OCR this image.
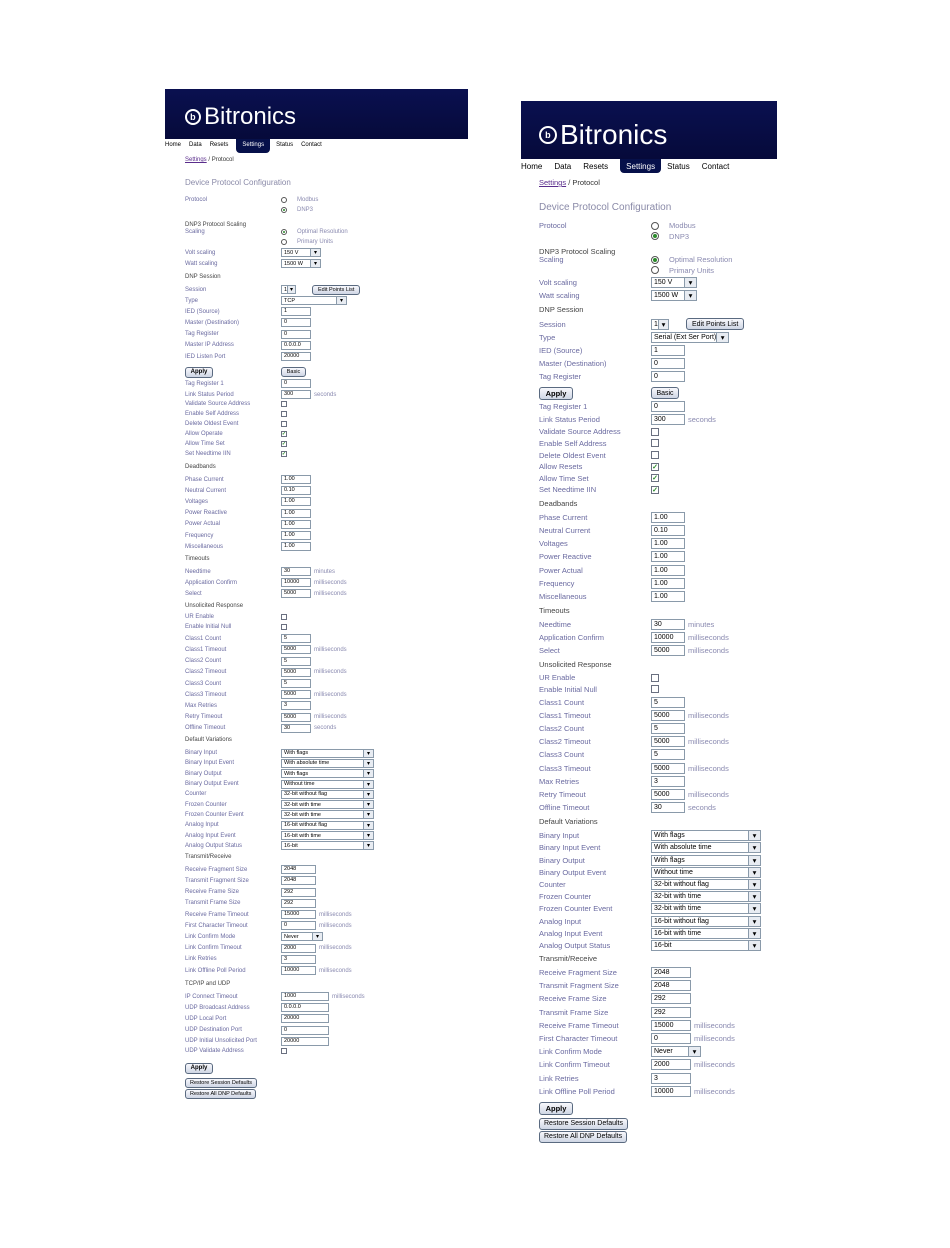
b Bitronics
Home	Data	Resets	Settings	Status	Contact
Settings / Protocol
Device Protocol Configuration
Protocol	Modbus
DNP3
DNP3 Protocol Scaling
Scaling	Optimal Resolution
Primary Units
Volt scaling	150 V	▾
Watt scaling	1500 W	▾
DNP Session
Session	1 ▾	Edit Points List
Type	TCP	▾
IED (Source)	1
Master (Destination)	0
Tag Register	0
Master IP Address	0.0.0.0
IED Listen Port	20000
Apply	Basic
Tag Register 1	0
Link Status Period	300	seconds
Validate Source Address
Enable Self Address
Delete Oldest Event
Allow Operate
✓
Allow Time Set
✓
Set Needtime IIN
✓
Deadbands
Phase Current	1.00
Neutral Current	0.10
Voltages	1.00
Power Reactive	1.00
Power Actual	1.00
Frequency	1.00
Miscellaneous	1.00
Timeouts
Needtime	30	minutes
Application Confirm	10000	milliseconds
Select	5000	milliseconds
Unsolicited Response
UR Enable
Enable Initial Null
Class1 Count	5
Class1 Timeout	5000	milliseconds
Class2 Count	5
Class2 Timeout	5000	milliseconds
Class3 Count	5
Class3 Timeout	5000	milliseconds
Max Retries	3
Retry Timeout	5000	milliseconds
Offline Timeout	30	seconds
Default Variations
Binary Input	With flags	▾
Binary Input Event	With absolute time	▾
Binary Output	With flags	▾
Binary Output Event	Without time	▾
Counter	32-bit without flag	▾
Frozen Counter	32-bit with time	▾
Frozen Counter Event	32-bit with time	▾
Analog Input	16-bit without flag	▾
Analog Input Event	16-bit with time	▾
Analog Output Status	16-bit	▾
Transmit/Receive
Receive Fragment Size	2048
Transmit Fragment Size	2048
Receive Frame Size	292
Transmit Frame Size	292
Receive Frame Timeout	15000	milliseconds
First Character Timeout	0	milliseconds
Link Confirm Mode	Never	▾
Link Confirm Timeout	2000	milliseconds
Link Retries	3
Link Offline Poll Period	10000	milliseconds
TCP/IP and UDP
IP Connect Timeout	1000	milliseconds
UDP Broadcast Address	0.0.0.0
UDP Local Port	20000
UDP Destination Port	0
UDP Initial Unsolicited Port	20000
UDP Validate Address
Apply
Restore Session Defaults
Restore All DNP Defaults
b Bitronics
Home	Data	Resets	Settings	Status	Contact
Settings / Protocol
Device Protocol Configuration
Protocol	Modbus
DNP3
DNP3 Protocol Scaling
Scaling	Optimal Resolution
Primary Units
Volt scaling	150 V	▾
Watt scaling	1500 W	▾
DNP Session
Session	1 ▾	Edit Points List
Type	Serial (Ext Ser Port) ▾
IED (Source)	1
Master (Destination)	0
Tag Register	0
Apply	Basic
Tag Register 1	0
Link Status Period	300	seconds
Validate Source Address
Enable Self Address
Delete Oldest Event
Allow Resets
✓
Allow Time Set
✓
Set Needtime IIN
✓
Deadbands
Phase Current	1.00
Neutral Current	0.10
Voltages	1.00
Power Reactive	1.00
Power Actual	1.00
Frequency	1.00
Miscellaneous	1.00
Timeouts
Needtime	30	minutes
Application Confirm	10000	milliseconds
Select	5000	milliseconds
Unsolicited Response
UR Enable
Enable Initial Null
Class1 Count	5
Class1 Timeout	5000	milliseconds
Class2 Count	5
Class2 Timeout	5000	milliseconds
Class3 Count	5
Class3 Timeout	5000	milliseconds
Max Retries	3
Retry Timeout	5000	milliseconds
Offline Timeout	30	seconds
Default Variations
Binary Input	With flags	▾
Binary Input Event	With absolute time	▾
Binary Output	With flags	▾
Binary Output Event	Without time	▾
Counter	32-bit without flag	▾
Frozen Counter	32-bit with time	▾
Frozen Counter Event	32-bit with time	▾
Analog Input	16-bit without flag	▾
Analog Input Event	16-bit with time	▾
Analog Output Status	16-bit	▾
Transmit/Receive
Receive Fragment Size	2048
Transmit Fragment Size	2048
Receive Frame Size	292
Transmit Frame Size	292
Receive Frame Timeout	15000	milliseconds
First Character Timeout	0	milliseconds
Link Confirm Mode	Never	▾
Link Confirm Timeout	2000	milliseconds
Link Retries	3
Link Offline Poll Period	10000	milliseconds
Apply
Restore Session Defaults
Restore All DNP Defaults
